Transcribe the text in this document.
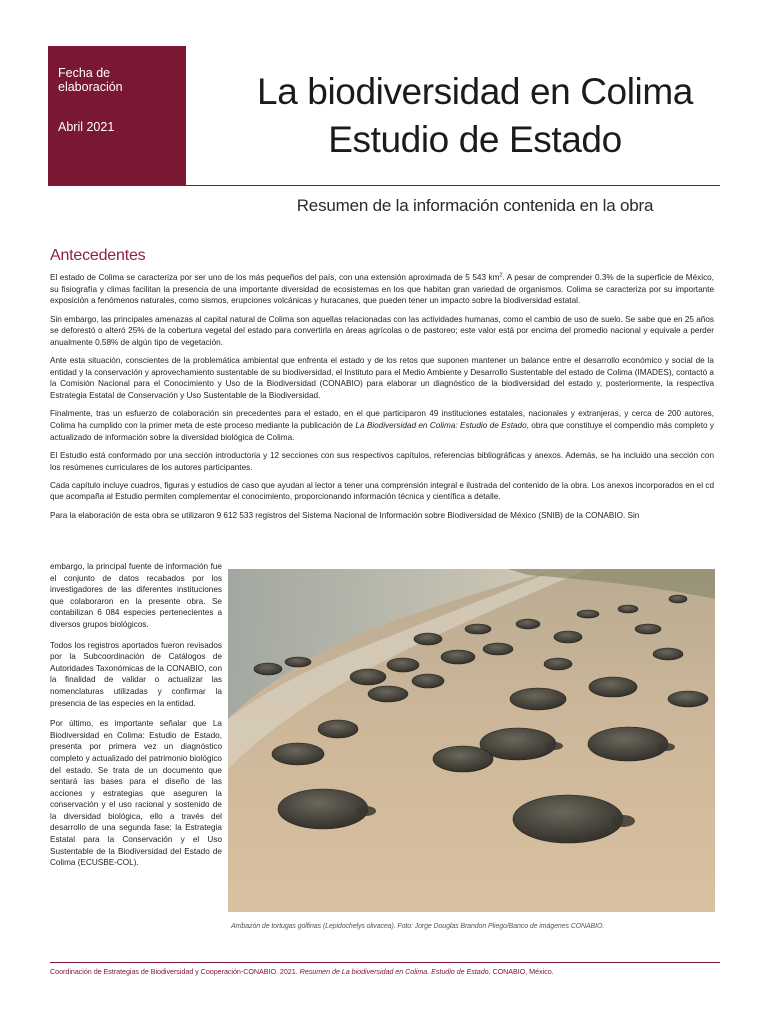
Fecha de elaboración
Abril 2021
La biodiversidad en Colima
Estudio de Estado
Resumen de la información contenida en la obra
Antecedentes

El estado de Colima se caracteriza por ser uno de los más pequeños del país, con una extensión aproximada de 5 543 $km^2$. A pesar de comprender 0.3% de la superficie de México, su fisiografía y climas facilitan la presencia de una importante diversidad de ecosistemas en los que habitan gran variedad de organismos. Colima se caracteriza por su importante exposición a fenómenos naturales, como sismos, erupciones volcánicas y huracanes, que pueden tener un impacto sobre la biodiversidad estatal.

Sin embargo, las principales amenazas al capital natural de Colima son aquellas relacionadas con las actividades humanas, como el cambio de uso de suelo. Se sabe que en 25 años se deforestó o alteró 25% de la cobertura vegetal del estado para convertirla en áreas agrícolas o de pastoreo; este valor está por encima del promedio nacional y equivale a perder anualmente 0.58% de algún tipo de vegetación.

Ante esta situación, conscientes de la problemática ambiental que enfrenta el estado y de los retos que suponen mantener un balance entre el desarrollo económico y social de la entidad y la conservación y aprovechamiento sustentable de su biodiversidad, el Instituto para el Medio Ambiente y Desarrollo Sustentable del estado de Colima (IMADES), contactó a la Comisión Nacional para el Conocimiento y Uso de la Biodiversidad (CONABIO) para elaborar un diagnóstico de la biodiversidad del estado y, posteriormente, la respectiva Estrategia Estatal de Conservación y Uso Sustentable de la Biodiversidad.

Finalmente, tras un esfuerzo de colaboración sin precedentes para el estado, en el que participaron 49 instituciones estatales, nacionales y extranjeras, y cerca de 200 autores, Colima ha cumplido con la primer meta de este proceso mediante la publicación de La Biodiversidad en Colima: Estudio de Estado, obra que constituye el compendio más completo y actualizado de información sobre la diversidad biológica de Colima.

El Estudio está conformado por una sección introductoria y 12 secciones con sus respectivos capítulos, referencias bibliográficas y anexos. Además, se ha incluido una sección con los resúmenes curriculares de los autores participantes.

Cada capítulo incluye cuadros, figuras y estudios de caso que ayudan al lector a tener una comprensión integral e ilustrada del contenido de la obra. Los anexos incorporados en el cd que acompaña al Estudio permiten complementar el conocimiento, proporcionando información técnica y científica a detalle.

Para la elaboración de esta obra se utilizaron 9 612 533 registros del Sistema Nacional de Información sobre Biodiversidad de México (SNIB) de la CONABIO. Sin

embargo, la principal fuente de información fue el conjunto de datos recabados por los investigadores de las diferentes instituciones que colaboraron en la presente obra. Se contabilizan 6 084 especies pertenecientes a diversos grupos biológicos.

Todos los registros aportados fueron revisados por la Subcoordinación de Catálogos de Autoridades Taxonómicas de la CONABIO, con la finalidad de validar o actualizar las nomenclaturas utilizadas y confirmar la presencia de las especies en la entidad.

Por último, es importante señalar que La Biodiversidad en Colima: Estudio de Estado, presenta por primera vez un diagnóstico completo y actualizado del patrimonio biológico del estado. Se trata de un documento que sentará las bases para el diseño de las acciones y estrategias que aseguren la conservación y el uso racional y sostenido de la diversidad biológica, ello a través del desarrollo de una segunda fase: la Estrategia Estatal para la Conservación y el Uso Sustentable de la Biodiversidad del Estado de Colima (ECUSBE-COL).

Arribazón de tortugas golfinas (Lepidochelys olivacea). Foto: Jorge Douglas Brandon Pliego/Banco de imágenes CONABIO.
Coordinación de Estrategias de Biodiversidad y Cooperación-CONABIO. 2021. Resumen de La biodiversidad en Colima. Estudio de Estado. CONABIO, México.
